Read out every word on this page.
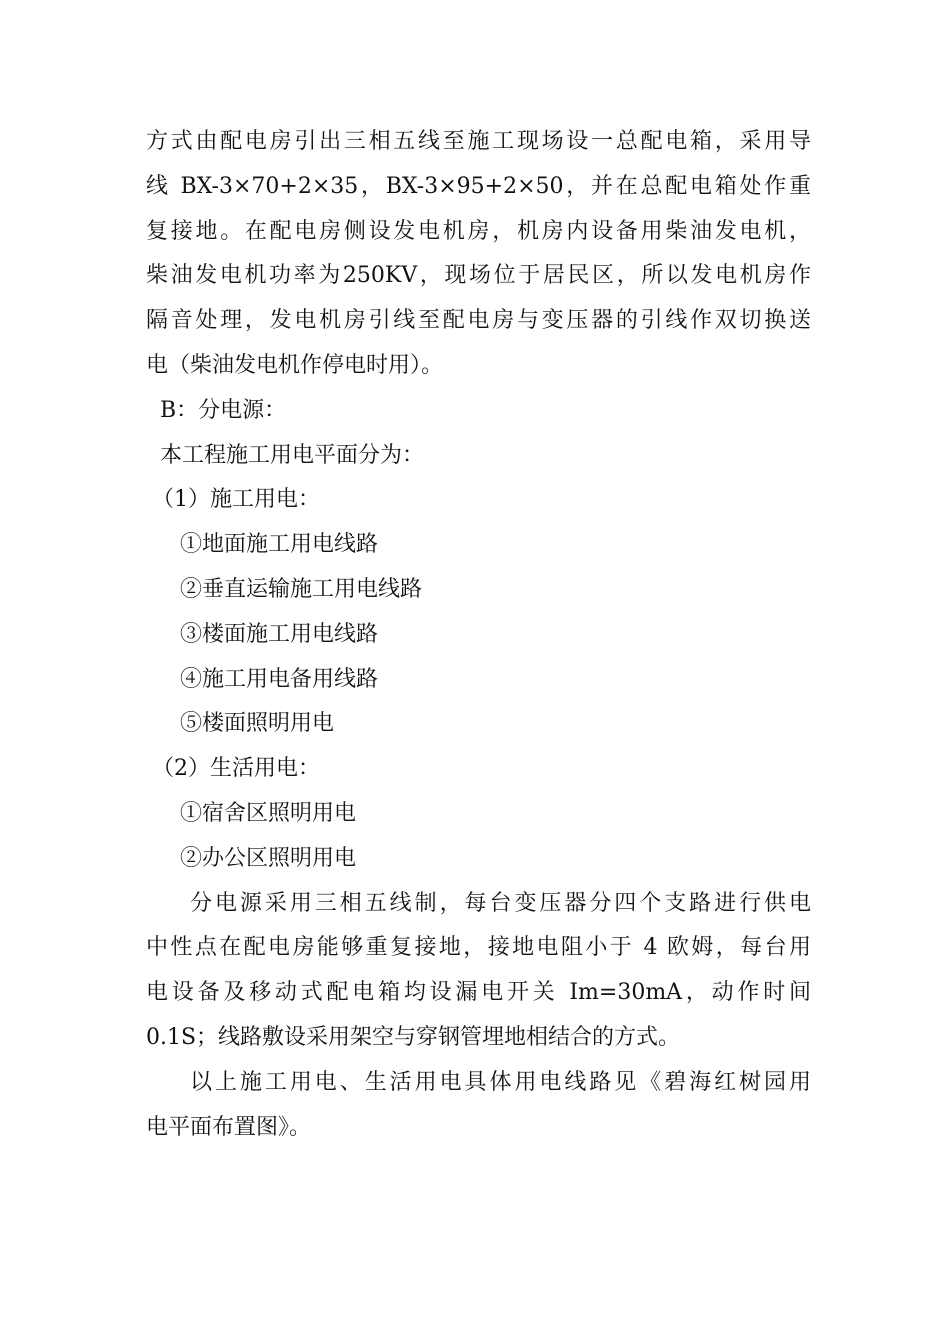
方式由配电房引出三相五线至施工现场设一总配电箱，采用导
线 BX-3×70+2×35，BX-3×95+2×50，并在总配电箱处作重
复接地。在配电房侧设发电机房，机房内设备用柴油发电机，
柴油发电机功率为250KV，现场位于居民区，所以发电机房作
隔音处理，发电机房引线至配电房与变压器的引线作双切换送
电（柴油发电机作停电时用）。
B：分电源：
本工程施工用电平面分为：
（1）施工用电：
①地面施工用电线路
②垂直运输施工用电线路
③楼面施工用电线路
④施工用电备用线路
⑤楼面照明用电
（2）生活用电：
①宿舍区照明用电
②办公区照明用电
分电源采用三相五线制，每台变压器分四个支路进行供电
中性点在配电房能够重复接地，接地电阻小于 4 欧姆，每台用
电设备及移动式配电箱均设漏电开关 Im=30mA，动作时间
0.1S；线路敷设采用架空与穿钢管埋地相结合的方式。
以上施工用电、生活用电具体用电线路见《碧海红树园用
电平面布置图》。
